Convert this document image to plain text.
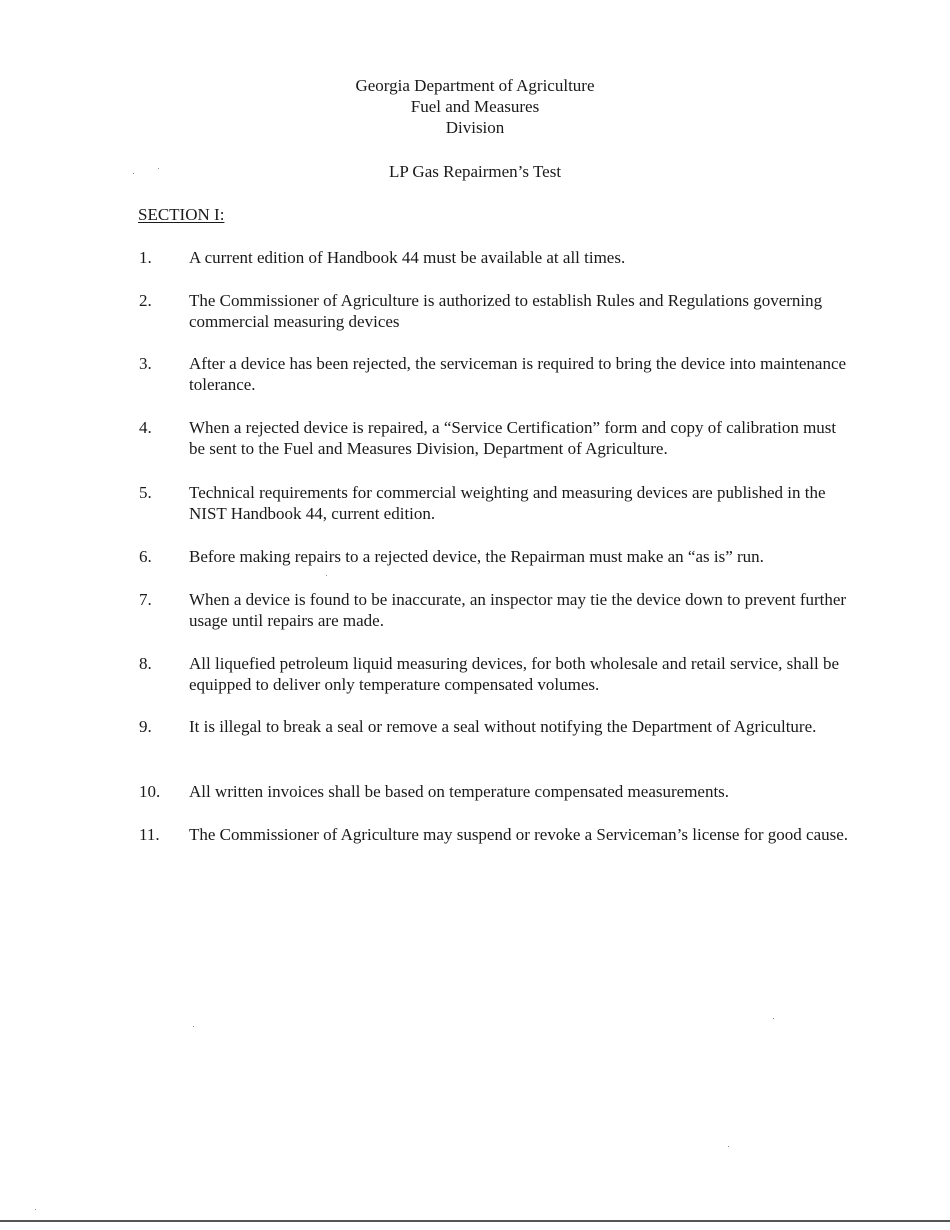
Georgia Department of Agriculture
Fuel and Measures
Division
LP Gas Repairmen’s Test
SECTION I:
1. A current edition of Handbook 44 must be available at all times.
2. The Commissioner of Agriculture is authorized to establish Rules and Regulations governing commercial measuring devices
3. After a device has been rejected, the serviceman is required to bring the device into maintenance tolerance.
4. When a rejected device is repaired, a “Service Certification” form and copy of calibration must be sent to the Fuel and Measures Division, Department of Agriculture.
5. Technical requirements for commercial weighting and measuring devices are published in the NIST Handbook 44, current edition.
6. Before making repairs to a rejected device, the Repairman must make an “as is” run.
7. When a device is found to be inaccurate, an inspector may tie the device down to prevent further usage until repairs are made.
8. All liquefied petroleum liquid measuring devices, for both wholesale and retail service, shall be equipped to deliver only temperature compensated volumes.
9. It is illegal to break a seal or remove a seal without notifying the Department of Agriculture.
10. All written invoices shall be based on temperature compensated measurements.
11. The Commissioner of Agriculture may suspend or revoke a Serviceman’s license for good cause.
